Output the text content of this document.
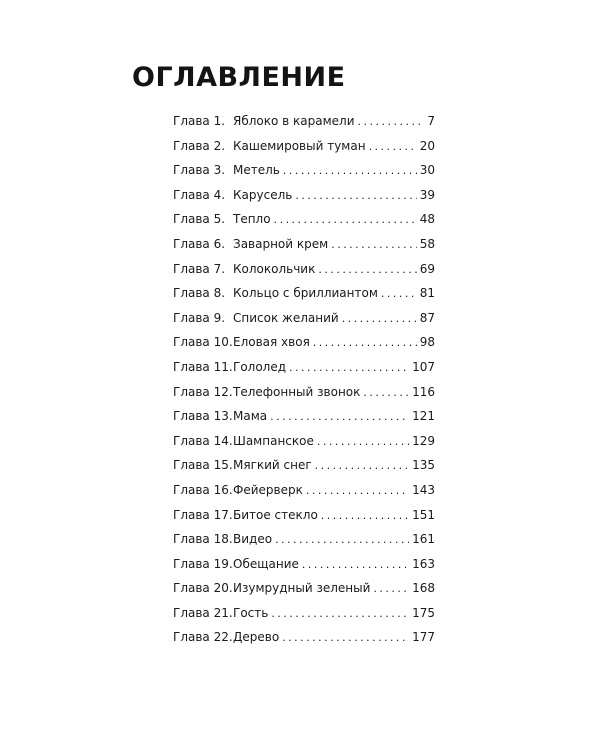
ОГЛАВЛЕНИЕ
Глава 1. Яблоко в карамели . . .	7
Глава 2. Кашемировый туман . . .	20
Глава 3. Метель . . .	30
Глава 4. Карусель . . .	39
Глава 5. Тепло . . .	48
Глава 6. Заварной крем . . .	58
Глава 7. Колокольчик . . .	69
Глава 8. Кольцо с бриллиантом . . .	81
Глава 9. Список желаний . . .	87
Глава 10. Еловая хвоя . . .	98
Глава 11. Гололед . . .	107
Глава 12. Телефонный звонок . . .	116
Глава 13. Мама . . .	121
Глава 14. Шампанское . . .	129
Глава 15. Мягкий снег . . .	135
Глава 16. Фейерверк . . .	143
Глава 17. Битое стекло . . .	151
Глава 18. Видео . . .	161
Глава 19. Обещание . . .	163
Глава 20. Изумрудный зеленый . . .	168
Глава 21. Гость . . .	175
Глава 22. Дерево . . .	177
